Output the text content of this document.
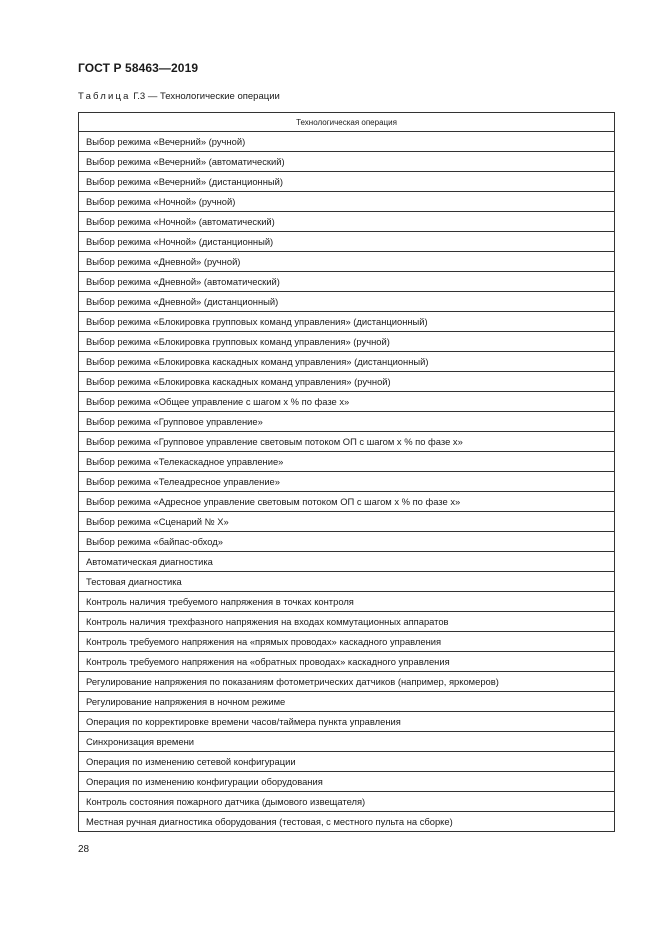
ГОСТ Р 58463—2019
Таблица Г.3 — Технологические операции
Технологическая операция
Выбор режима «Вечерний» (ручной)
Выбор режима «Вечерний» (автоматический)
Выбор режима «Вечерний» (дистанционный)
Выбор режима «Ночной» (ручной)
Выбор режима «Ночной» (автоматический)
Выбор режима «Ночной» (дистанционный)
Выбор режима «Дневной» (ручной)
Выбор режима «Дневной» (автоматический)
Выбор режима «Дневной» (дистанционный)
Выбор режима «Блокировка групповых команд управления» (дистанционный)
Выбор режима «Блокировка групповых команд управления» (ручной)
Выбор режима «Блокировка каскадных команд управления» (дистанционный)
Выбор режима «Блокировка каскадных команд управления» (ручной)
Выбор режима «Общее управление с шагом x % по фазе x»
Выбор режима «Групповое управление»
Выбор режима «Групповое управление световым потоком ОП с шагом x % по фазе x»
Выбор режима «Телекаскадное управление»
Выбор режима «Телеадресное управление»
Выбор режима «Адресное управление световым потоком ОП с шагом x % по фазе x»
Выбор режима «Сценарий № X»
Выбор режима «байпас-обход»
Автоматическая диагностика
Тестовая диагностика
Контроль наличия требуемого напряжения в точках контроля
Контроль наличия трехфазного напряжения на входах коммутационных аппаратов
Контроль требуемого напряжения на «прямых проводах» каскадного управления
Контроль требуемого напряжения на «обратных проводах» каскадного управления
Регулирование напряжения по показаниям фотометрических датчиков (например, яркомеров)
Регулирование напряжения в ночном режиме
Операция по корректировке времени часов/таймера пункта управления
Синхронизация времени
Операция по изменению сетевой конфигурации
Операция по изменению конфигурации оборудования
Контроль состояния пожарного датчика (дымового извещателя)
Местная ручная диагностика оборудования (тестовая, с местного пульта на сборке)
28
